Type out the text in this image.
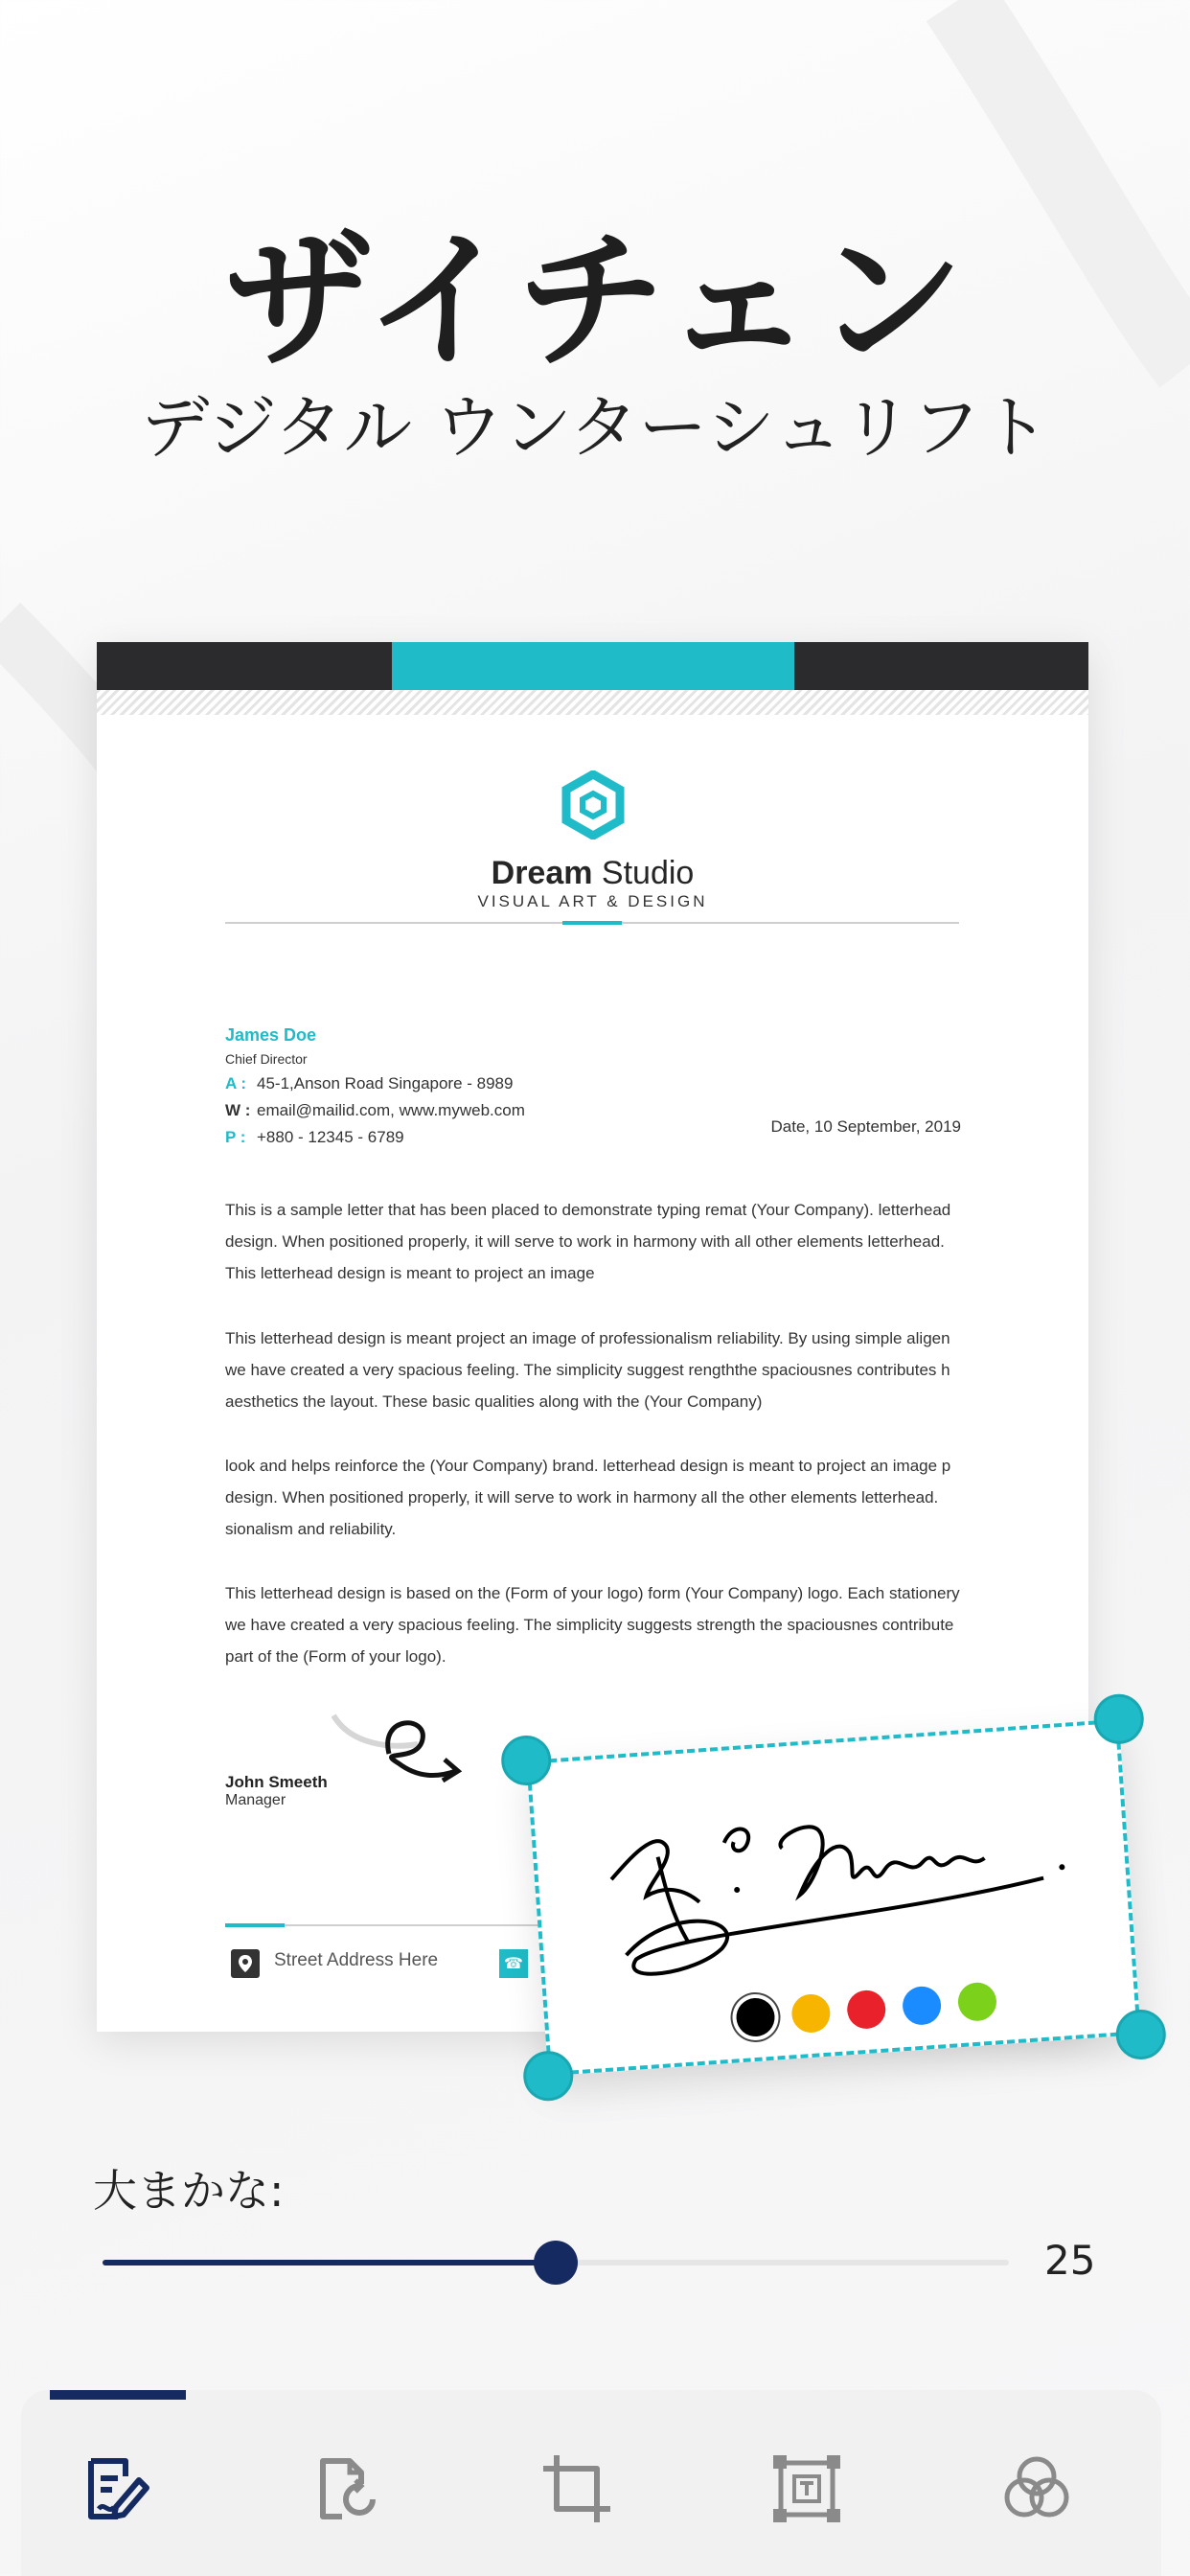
ザイチェン
デジタル ウンターシュリフト
Dream Studio
VISUAL ART & DESIGN
James Doe
Chief Director
A : 45-1,Anson Road Singapore - 8989
W : email@mailid.com, www.myweb.com
P : +880 - 12345 - 6789
Date, 10 September, 2019
This is a sample letter that has been placed to demonstrate typing remat (Your Company). letterhead design. When positioned properly, it will serve to work in harmony with all other elements letterhead. This letterhead design is meant to project an image
This letterhead design is meant project an image of professionalism reliability. By using simple aligen we have created a very spacious feeling. The simplicity suggest rengththe spaciousnes contributes h aesthetics the layout. These basic qualities along with the (Your Company)
look and helps reinforce the (Your Company) brand. letterhead design is meant to project an image p design. When positioned properly, it will serve to work in harmony all the other elements letterhead. sionalism and reliability.
This letterhead design is based on the (Form of your logo) form (Your Company) logo. Each stationery we have created a very spacious feeling. The simplicity suggests strength the spaciousnes contribute part of the (Form of your logo).
John Smeeth
Manager
Street Address Here	☎
大まかな:
25
